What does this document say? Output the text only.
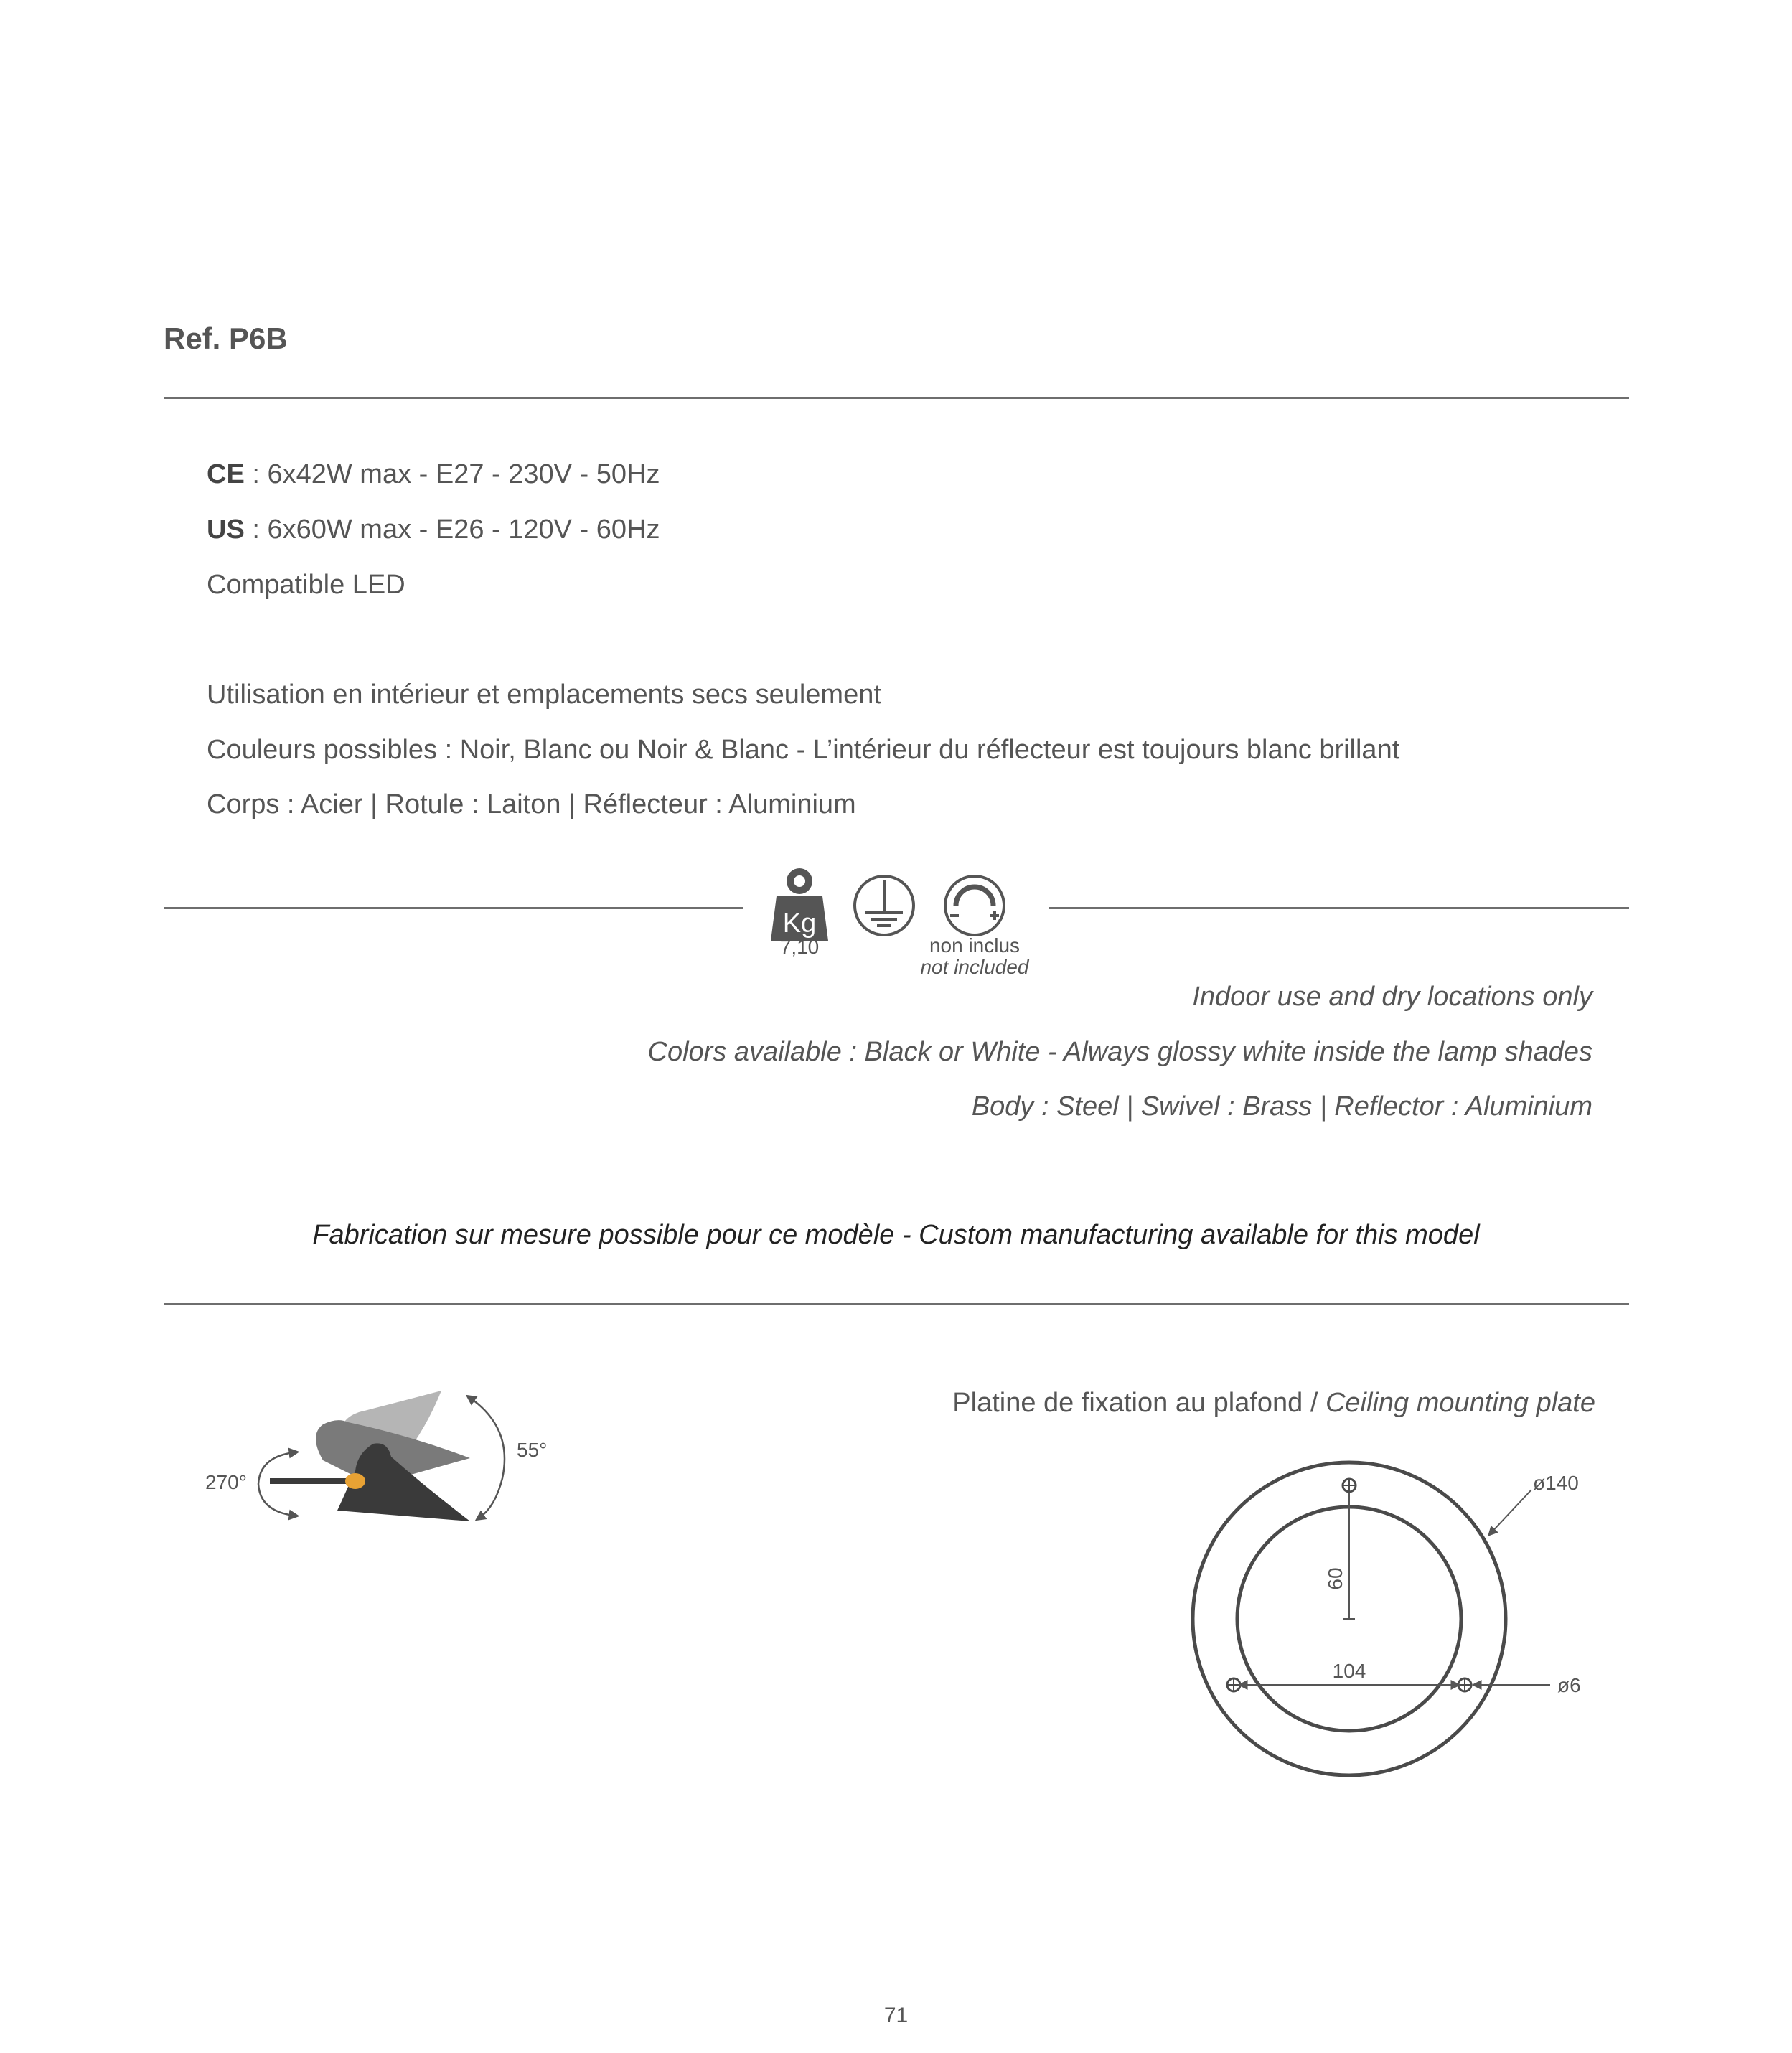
Ref. P6B
CE : 6x42W max - E27 - 230V - 50Hz
US : 6x60W max - E26 - 120V - 60Hz
Compatible LED
Utilisation en intérieur et emplacements secs seulement
Couleurs possibles : Noir, Blanc ou Noir & Blanc - L’intérieur du réflecteur est toujours blanc brillant
Corps : Acier | Rotule : Laiton | Réflecteur : Aluminium
Kg
7,10	non inclus
not included
Indoor use and dry locations only
Colors available : Black or White - Always glossy white inside the lamp shades
Body : Steel | Swivel : Brass | Reflector : Aluminium
Fabrication sur mesure possible pour ce modèle - Custom manufacturing available for this model
270°
55°
Platine de fixation au plafond / Ceiling mounting plate
60
104
ø6
ø140
71
